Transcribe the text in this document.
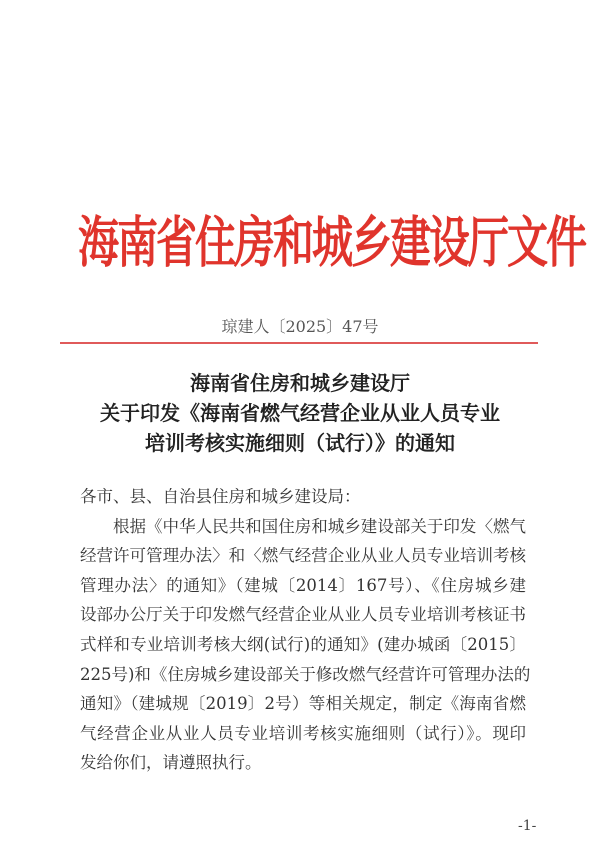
海南省住房和城乡建设厅文件
琼建人〔2025〕47号
海南省住房和城乡建设厅
关于印发《海南省燃气经营企业从业人员专业
培训考核实施细则（试行）》的通知
各市、县、自治县住房和城乡建设局：
根据《中华人民共和国住房和城乡建设部关于印发〈燃气
经营许可管理办法〉和〈燃气经营企业从业人员专业培训考核
管理办法〉的通知》（建城〔2014〕167号）、《住房城乡建
设部办公厅关于印发燃气经营企业从业人员专业培训考核证书
式样和专业培训考核大纲(试行)的通知》(建办城函〔2015〕
225号)和《住房城乡建设部关于修改燃气经营许可管理办法的
通知》（建城规〔2019〕2号）等相关规定，制定《海南省燃
气经营企业从业人员专业培训考核实施细则（试行）》。现印
发给你们，请遵照执行。
-1-
